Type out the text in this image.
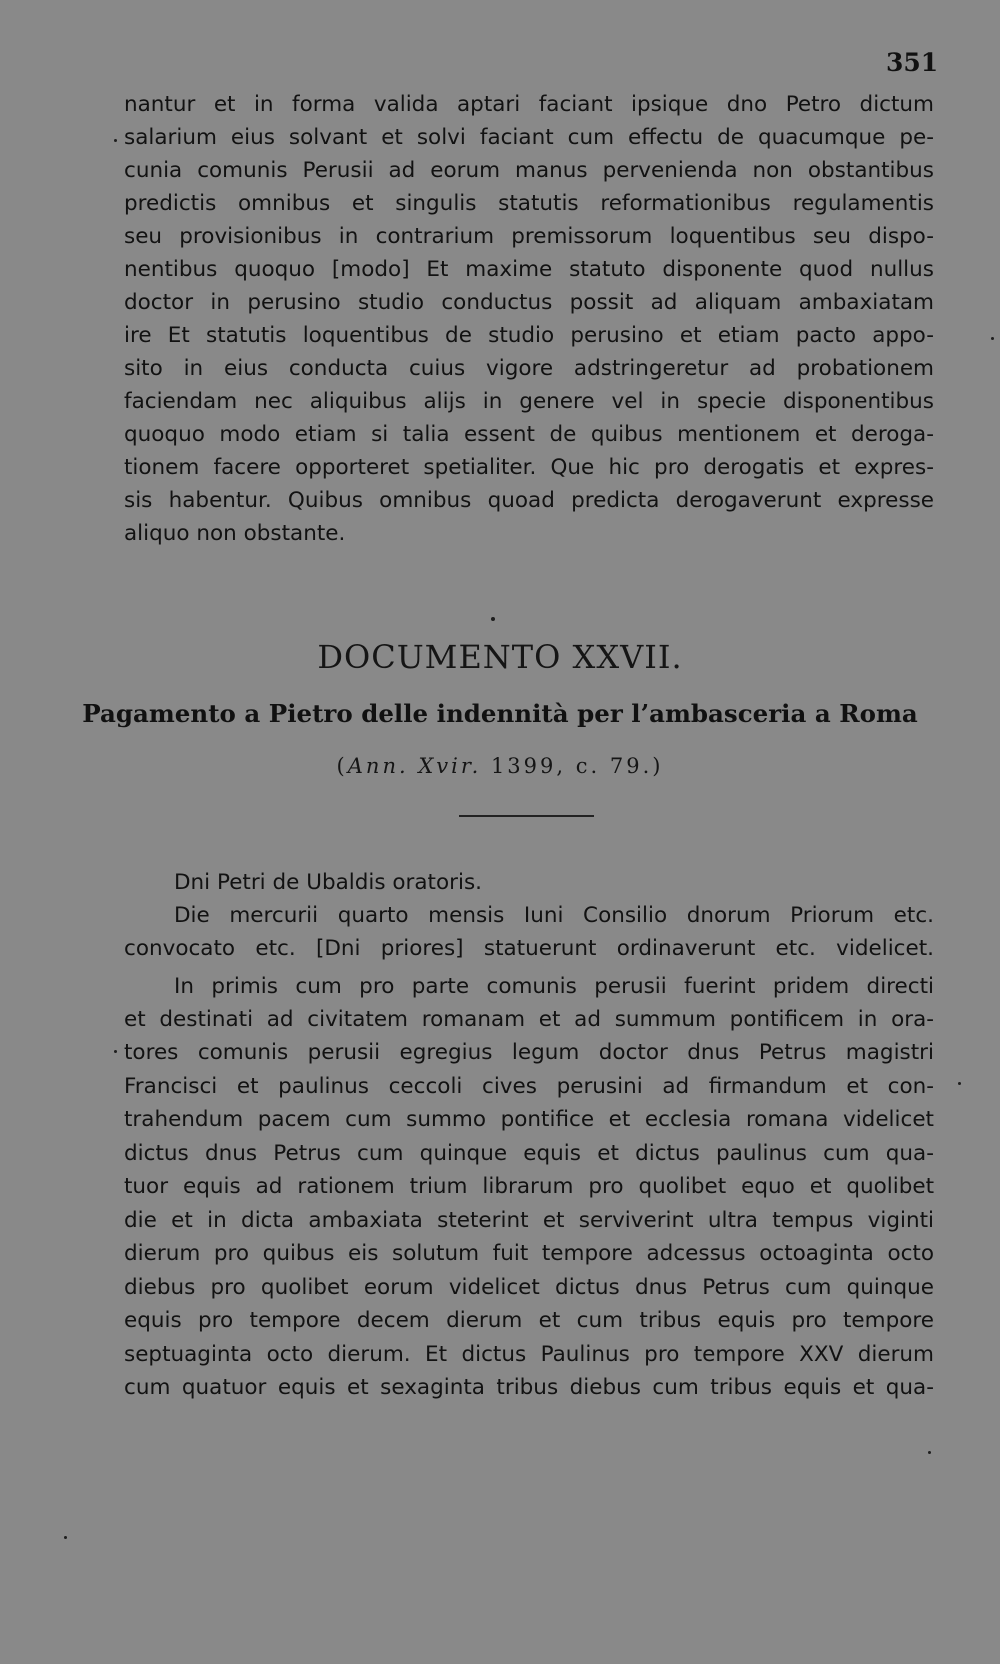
351
nantur et in forma valida aptari faciant ipsique dno Petro dictum
salarium eius solvant et solvi faciant cum effectu de quacumque pe-
cunia comunis Perusii ad eorum manus pervenienda non obstantibus
predictis omnibus et singulis statutis reformationibus regulamentis
seu provisionibus in contrarium premissorum loquentibus seu dispo-
nentibus quoquo [modo] Et maxime statuto disponente quod nullus
doctor in perusino studio conductus possit ad aliquam ambaxiatam
ire Et statutis loquentibus de studio perusino et etiam pacto appo-
sito in eius conducta cuius vigore adstringeretur ad probationem
faciendam nec aliquibus alijs in genere vel in specie disponentibus
quoquo modo etiam si talia essent de quibus mentionem et deroga-
tionem facere opporteret spetialiter. Que hic pro derogatis et expres-
sis habentur. Quibus omnibus quoad predicta derogaverunt expresse
aliquo non obstante.
DOCUMENTO XXVII.
Pagamento a Pietro delle indennità per l’ambasceria a Roma
(Ann. Xvir. 1399, c. 79.)
Dni Petri de Ubaldis oratoris.
Die mercurii quarto mensis Iuni Consilio dnorum Priorum etc.
convocato etc. [Dni priores] statuerunt ordinaverunt etc. videlicet.
In primis cum pro parte comunis perusii fuerint pridem directi
et destinati ad civitatem romanam et ad summum pontificem in ora-
tores comunis perusii egregius legum doctor dnus Petrus magistri
Francisci et paulinus ceccoli cives perusini ad firmandum et con-
trahendum pacem cum summo pontifice et ecclesia romana videlicet
dictus dnus Petrus cum quinque equis et dictus paulinus cum qua-
tuor equis ad rationem trium librarum pro quolibet equo et quolibet
die et in dicta ambaxiata steterint et serviverint ultra tempus viginti
dierum pro quibus eis solutum fuit tempore adcessus octoaginta octo
diebus pro quolibet eorum videlicet dictus dnus Petrus cum quinque
equis pro tempore decem dierum et cum tribus equis pro tempore
septuaginta octo dierum. Et dictus Paulinus pro tempore XXV dierum
cum quatuor equis et sexaginta tribus diebus cum tribus equis et qua-
